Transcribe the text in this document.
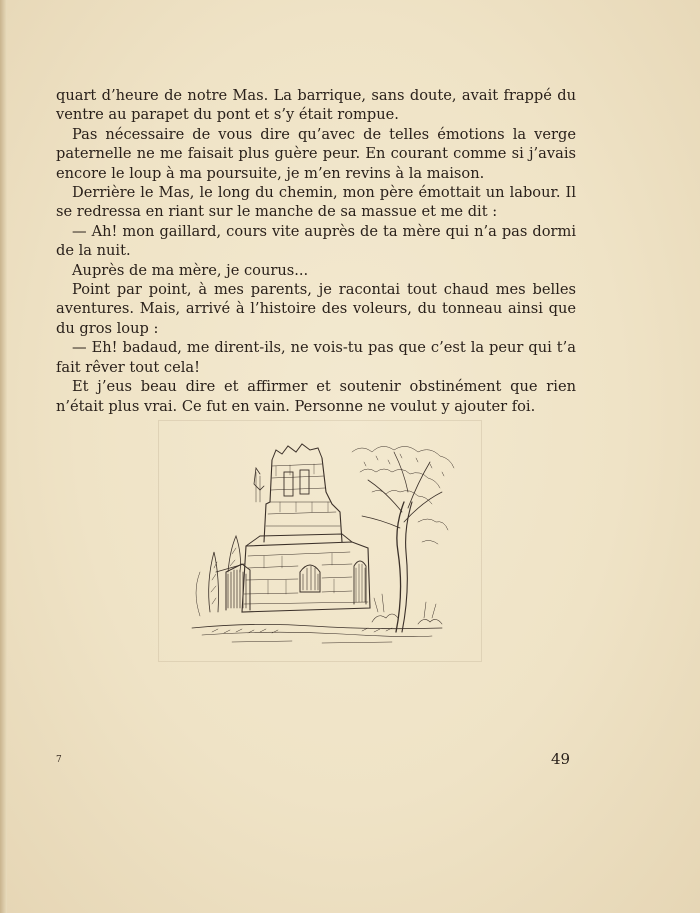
quart d’heure de notre Mas. La barrique, sans doute, avait frappé du ventre au parapet du pont et s’y était rompue.

Pas nécessaire de vous dire qu’avec de telles émotions la verge paternelle ne me faisait plus guère peur. En courant comme si j’avais encore le loup à ma poursuite, je m’en revins à la maison.

Derrière le Mas, le long du chemin, mon père émottait un labour. Il se redressa en riant sur le manche de sa massue et me dit :

— Ah! mon gaillard, cours vite auprès de ta mère qui n’a pas dormi de la nuit.

Auprès de ma mère, je courus...

Point par point, à mes parents, je racontai tout chaud mes belles aventures. Mais, arrivé à l’histoire des voleurs, du tonneau ainsi que du gros loup :

— Eh! badaud, me dirent-ils, ne vois-tu pas que c’est la peur qui t’a fait rêver tout cela!

Et j’eus beau dire et affirmer et soutenir obstinément que rien n’était plus vrai. Ce fut en vain. Personne ne voulut y ajouter foi.

7	49
